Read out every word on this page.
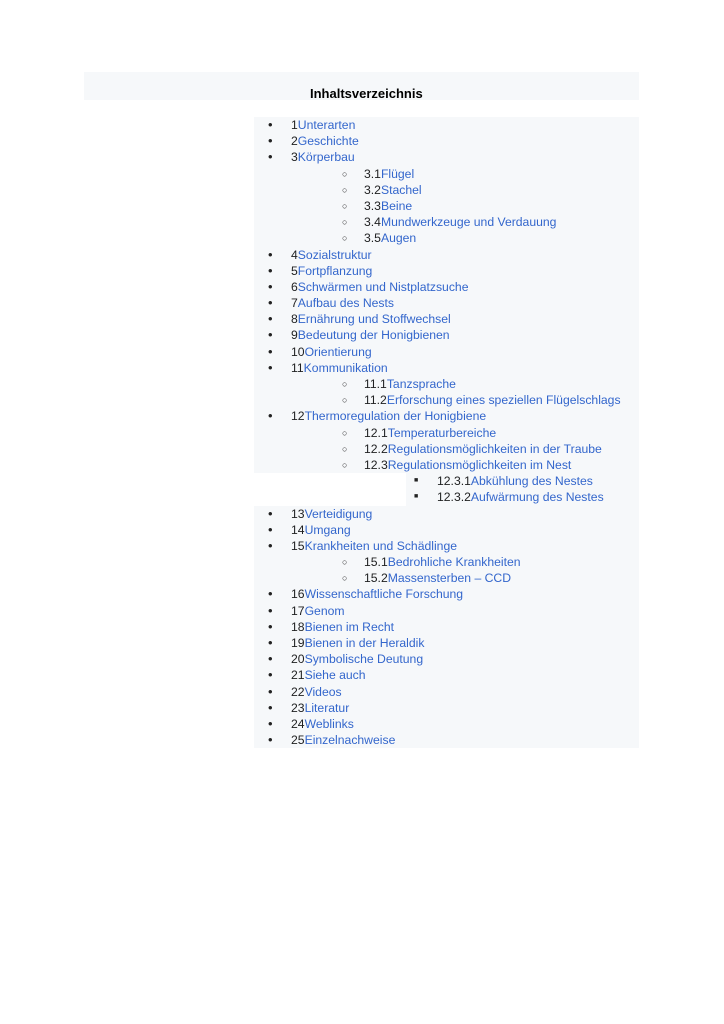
Inhaltsverzeichnis
• 1Unterarten
• 2Geschichte
• 3Körperbau
○ 3.1Flügel
○ 3.2Stachel
○ 3.3Beine
○ 3.4Mundwerkzeuge und Verdauung
○ 3.5Augen
• 4Sozialstruktur
• 5Fortpflanzung
• 6Schwärmen und Nistplatzsuche
• 7Aufbau des Nests
• 8Ernährung und Stoffwechsel
• 9Bedeutung der Honigbienen
• 10Orientierung
• 11Kommunikation
○ 11.1Tanzsprache
○ 11.2Erforschung eines speziellen Flügelschlags
• 12Thermoregulation der Honigbiene
○ 12.1Temperaturbereiche
○ 12.2Regulationsmöglichkeiten in der Traube
○ 12.3Regulationsmöglichkeiten im Nest
■ 12.3.1Abkühlung des Nestes
■ 12.3.2Aufwärmung des Nestes
• 13Verteidigung
• 14Umgang
• 15Krankheiten und Schädlinge
○ 15.1Bedrohliche Krankheiten
○ 15.2Massensterben – CCD
• 16Wissenschaftliche Forschung
• 17Genom
• 18Bienen im Recht
• 19Bienen in der Heraldik
• 20Symbolische Deutung
• 21Siehe auch
• 22Videos
• 23Literatur
• 24Weblinks
• 25Einzelnachweise
